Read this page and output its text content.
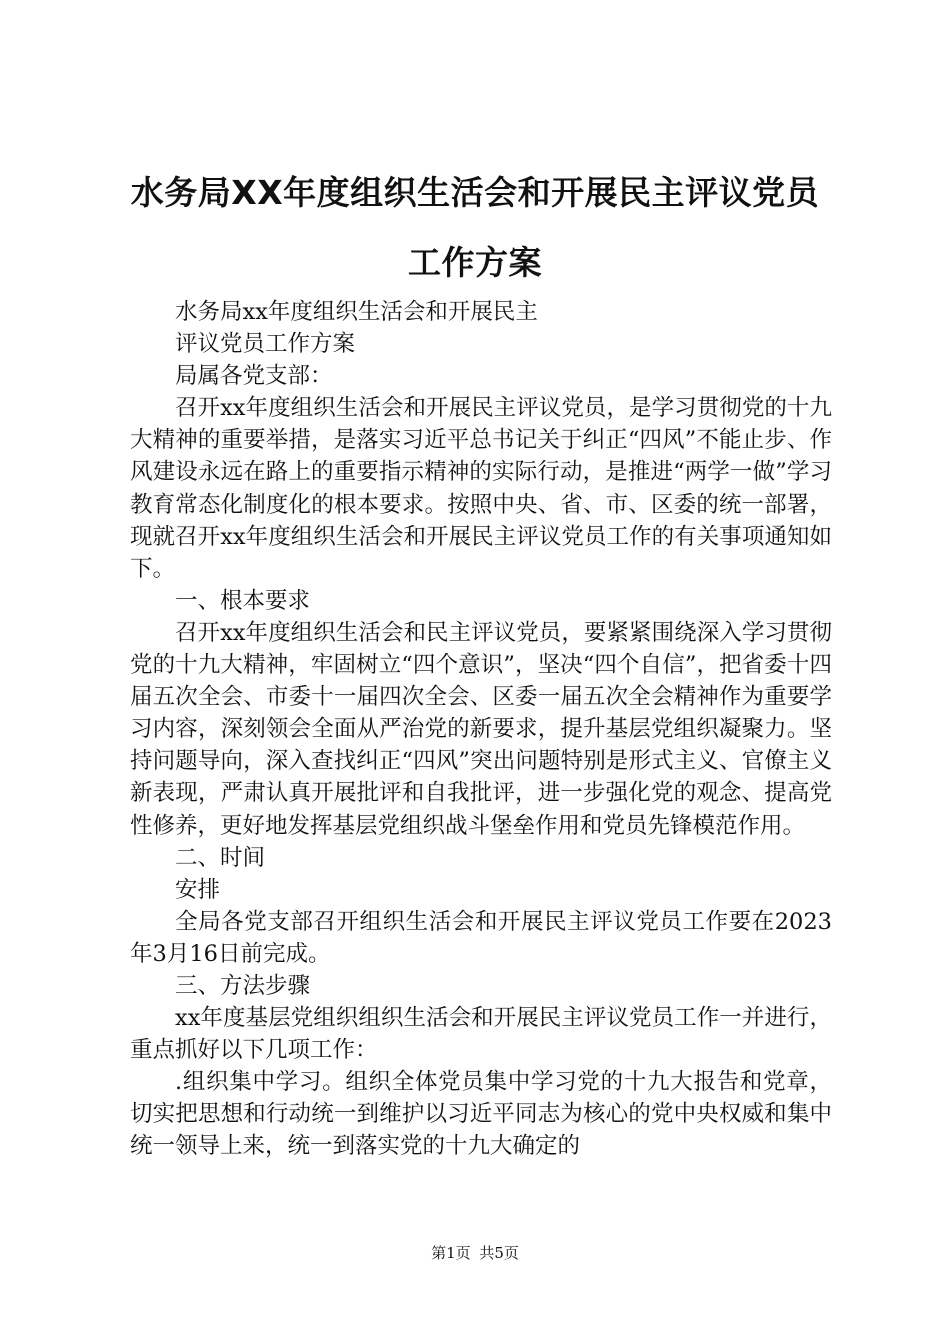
水务局XX年度组织生活会和开展民主评议党员工作方案

水务局xx年度组织生活会和开展民主

评议党员工作方案

局属各党支部：

召开xx年度组织生活会和开展民主评议党员，是学习贯彻党的十九大精神的重要举措，是落实习近平总书记关于纠正“四风”不能止步、作风建设永远在路上的重要指示精神的实际行动，是推进“两学一做”学习教育常态化制度化的根本要求。按照中央、省、市、区委的统一部署，现就召开xx年度组织生活会和开展民主评议党员工作的有关事项通知如下。

一、根本要求

召开xx年度组织生活会和民主评议党员，要紧紧围绕深入学习贯彻党的十九大精神，牢固树立“四个意识”，坚决“四个自信”，把省委十四届五次全会、市委十一届四次全会、区委一届五次全会精神作为重要学习内容，深刻领会全面从严治党的新要求，提升基层党组织凝聚力。坚持问题导向，深入查找纠正“四风”突出问题特别是形式主义、官僚主义新表现，严肃认真开展批评和自我批评，进一步强化党的观念、提高党性修养，更好地发挥基层党组织战斗堡垒作用和党员先锋模范作用。

二、时间

安排

全局各党支部召开组织生活会和开展民主评议党员工作要在2023年3月16日前完成。

三、方法步骤

xx年度基层党组织组织生活会和开展民主评议党员工作一并进行，重点抓好以下几项工作：

.组织集中学习。组织全体党员集中学习党的十九大报告和党章，切实把思想和行动统一到维护以习近平同志为核心的党中央权威和集中统一领导上来，统一到落实党的十九大确定的

第1页 共5页
